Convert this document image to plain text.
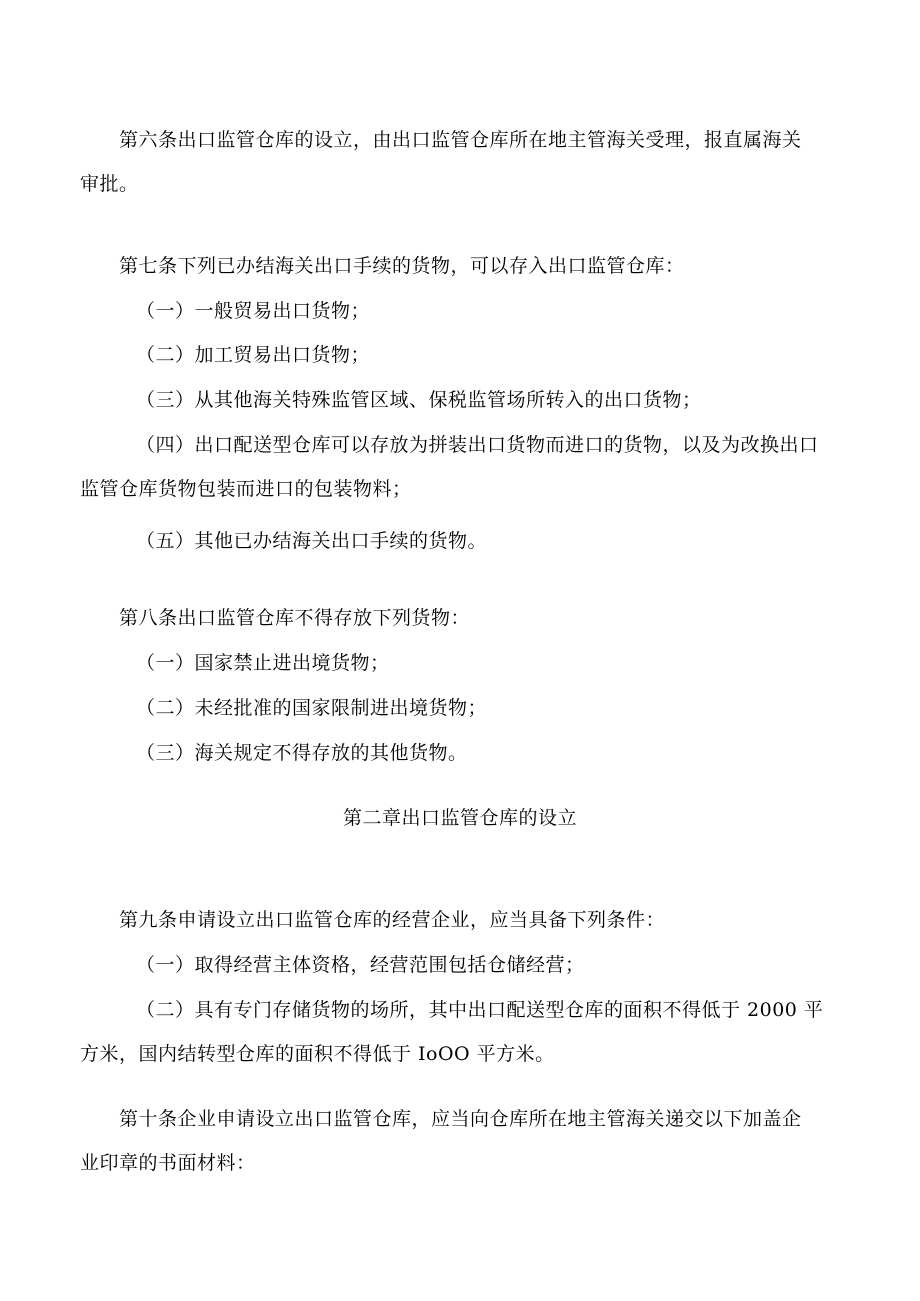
第六条出口监管仓库的设立，由出口监管仓库所在地主管海关受理，报直属海关
审批。
第七条下列已办结海关出口手续的货物，可以存入出口监管仓库：
（一）一般贸易出口货物；
（二）加工贸易出口货物；
（三）从其他海关特殊监管区域、保税监管场所转入的出口货物；
（四）出口配送型仓库可以存放为拼装出口货物而进口的货物，以及为改换出口
监管仓库货物包装而进口的包装物料；
（五）其他已办结海关出口手续的货物。
第八条出口监管仓库不得存放下列货物：
（一）国家禁止进出境货物；
（二）未经批准的国家限制进出境货物；
（三）海关规定不得存放的其他货物。
第二章出口监管仓库的设立
第九条申请设立出口监管仓库的经营企业，应当具备下列条件：
（一）取得经营主体资格，经营范围包括仓储经营；
（二）具有专门存储货物的场所，其中出口配送型仓库的面积不得低于 2000 平
方米，国内结转型仓库的面积不得低于 IoOO 平方米。
第十条企业申请设立出口监管仓库，应当向仓库所在地主管海关递交以下加盖企
业印章的书面材料：
